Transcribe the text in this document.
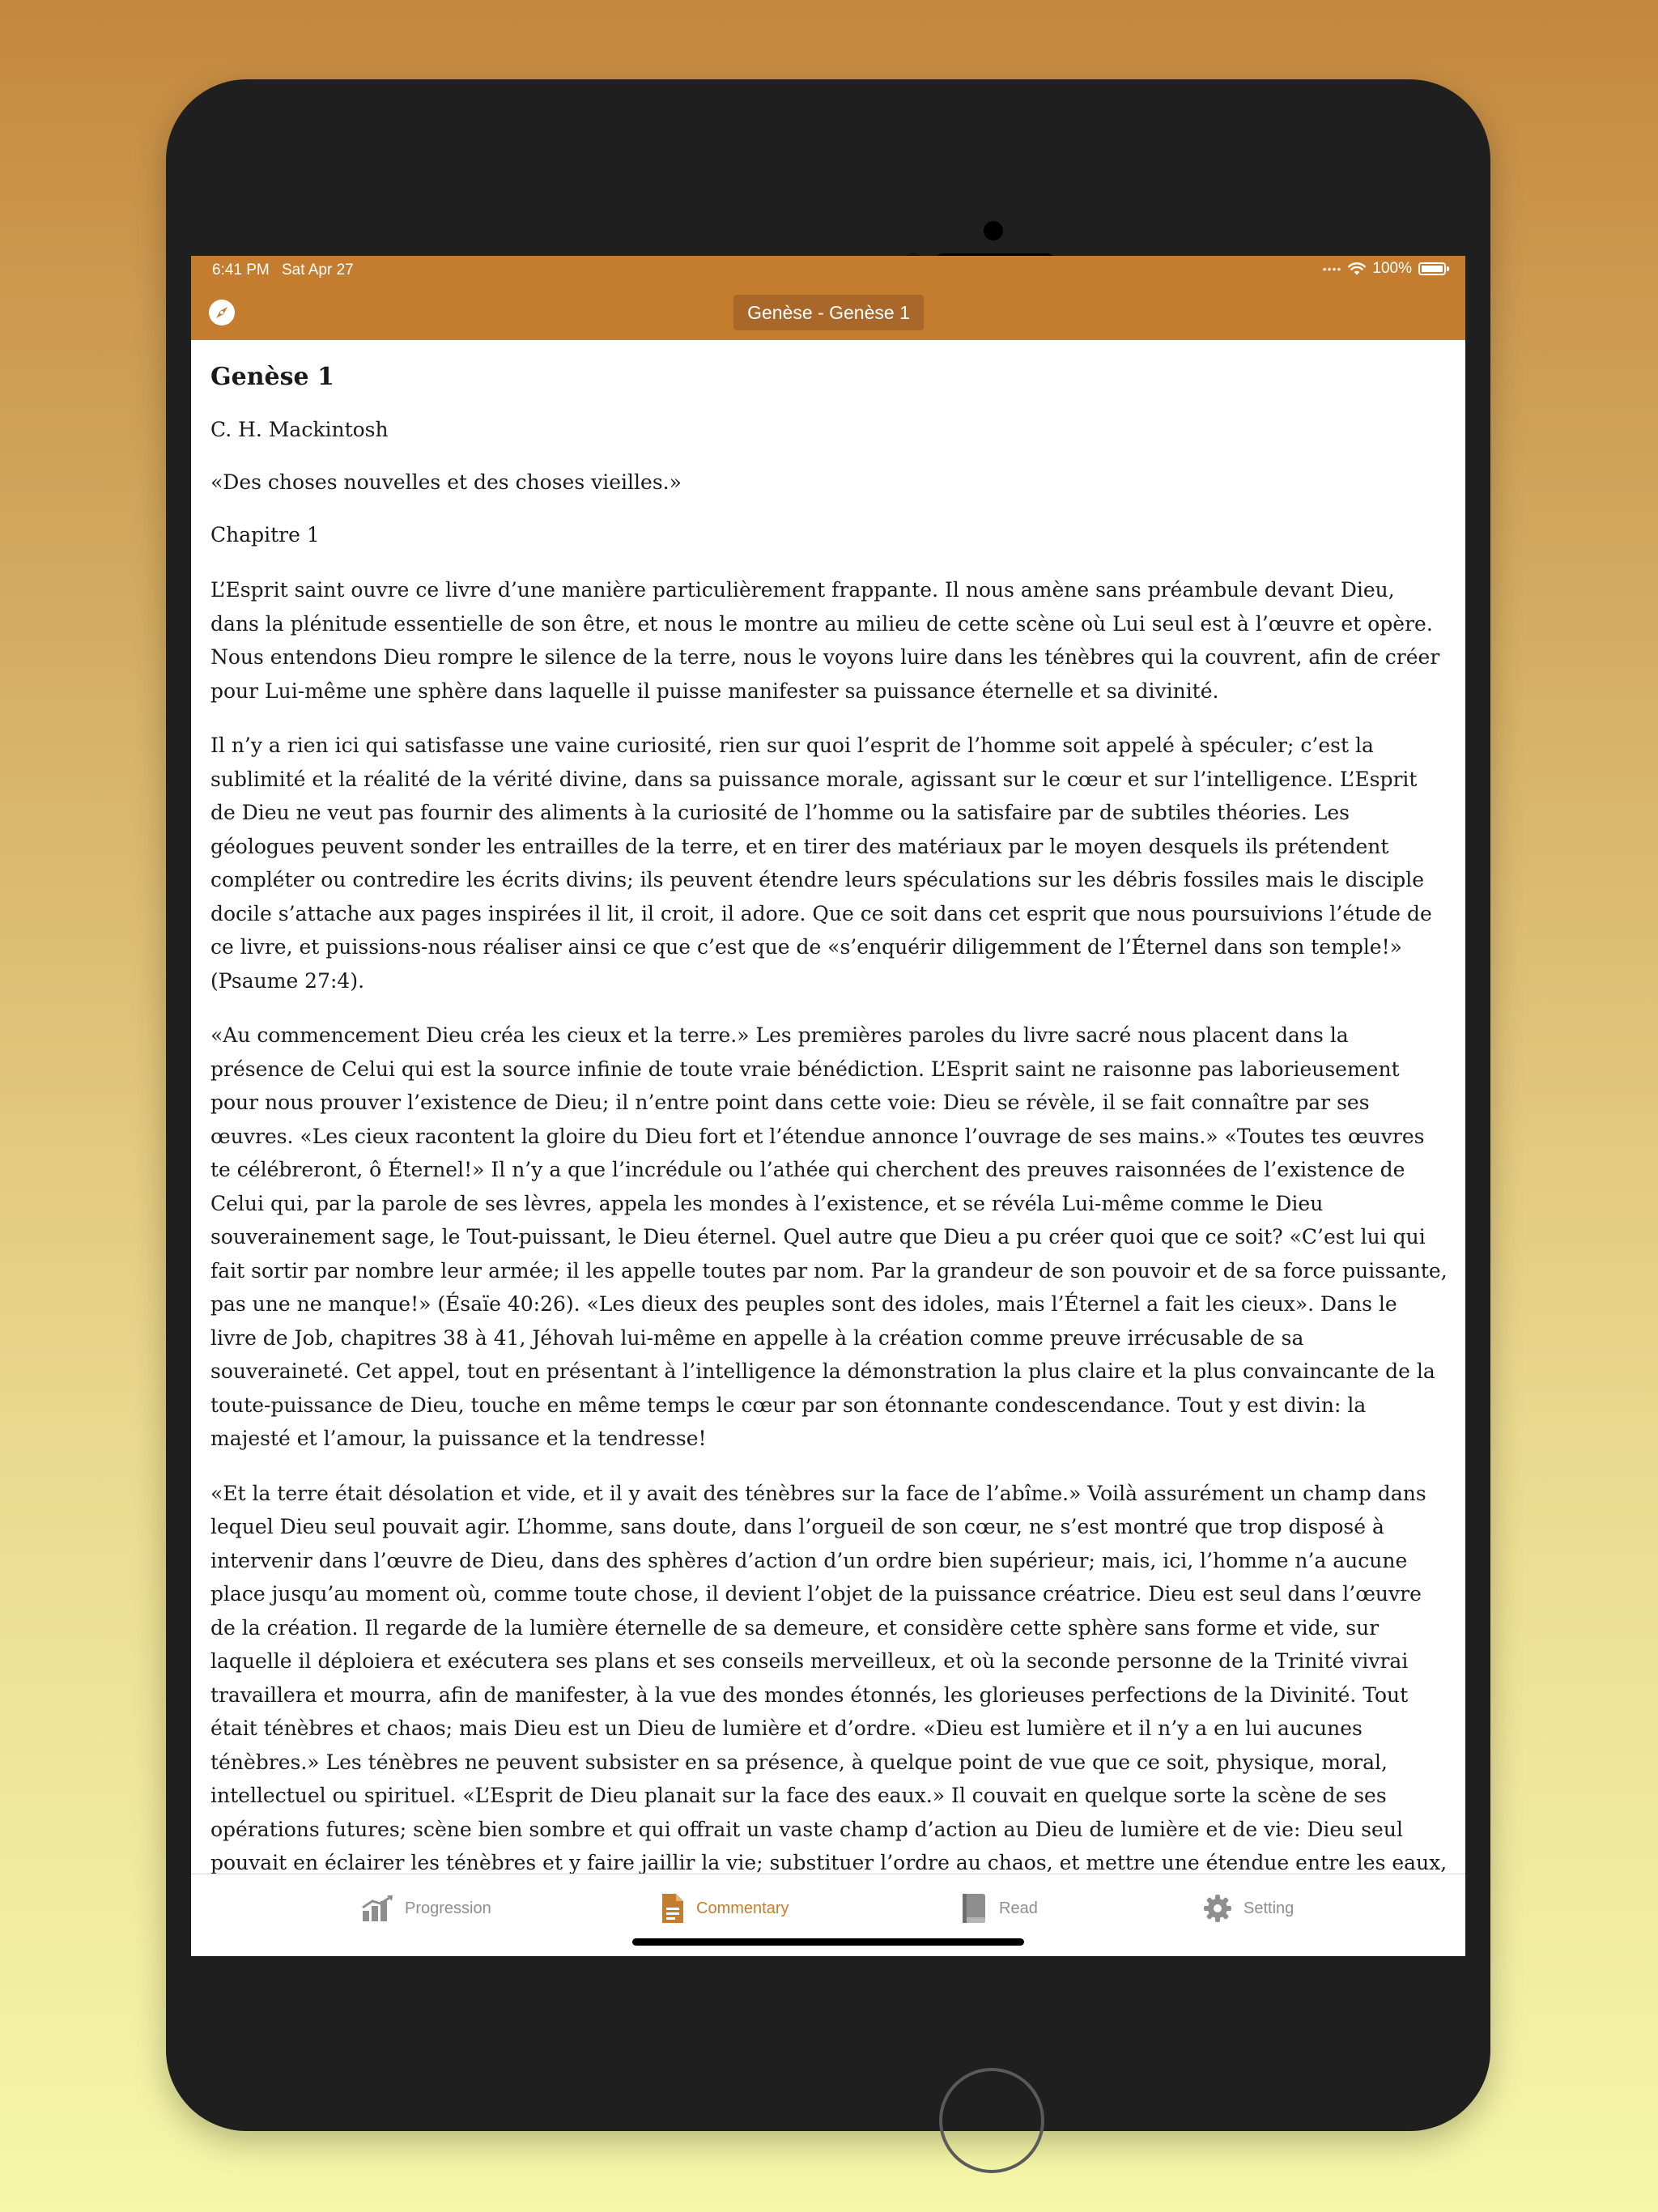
6:41 PM Sat Apr 27	•••• 100%
Genèse - Genèse 1
Genèse 1

C. H. Mackintosh

«Des choses nouvelles et des choses vieilles.»

Chapitre 1

L’Esprit saint ouvre ce livre d’une manière particulièrement frappante. Il nous amène sans préambule devant Dieu, dans la plénitude essentielle de son être, et nous le montre au milieu de cette scène où Lui seul est à l’œuvre et opère. Nous entendons Dieu rompre le silence de la terre, nous le voyons luire dans les ténèbres qui la couvrent, afin de créer pour Lui-même une sphère dans laquelle il puisse manifester sa puissance éternelle et sa divinité.

Il n’y a rien ici qui satisfasse une vaine curiosité, rien sur quoi l’esprit de l’homme soit appelé à spéculer; c’est la sublimité et la réalité de la vérité divine, dans sa puissance morale, agissant sur le cœur et sur l’intelligence. L’Esprit de Dieu ne veut pas fournir des aliments à la curiosité de l’homme ou la satisfaire par de subtiles théories. Les géologues peuvent sonder les entrailles de la terre, et en tirer des matériaux par le moyen desquels ils prétendent compléter ou contredire les écrits divins; ils peuvent étendre leurs spéculations sur les débris fossiles mais le disciple docile s’attache aux pages inspirées il lit, il croit, il adore. Que ce soit dans cet esprit que nous poursuivions l’étude de ce livre, et puissions-nous réaliser ainsi ce que c’est que de «s’enquérir diligemment de l’Éternel dans son temple!» (Psaume 27:4).

«Au commencement Dieu créa les cieux et la terre.» Les premières paroles du livre sacré nous placent dans la présence de Celui qui est la source infinie de toute vraie bénédiction. L’Esprit saint ne raisonne pas laborieusement pour nous prouver l’existence de Dieu; il n’entre point dans cette voie: Dieu se révèle, il se fait connaître par ses œuvres. «Les cieux racontent la gloire du Dieu fort et l’étendue annonce l’ouvrage de ses mains.» «Toutes tes œuvres te célébreront, ô Éternel!» Il n’y a que l’incrédule ou l’athée qui cherchent des preuves raisonnées de l’existence de Celui qui, par la parole de ses lèvres, appela les mondes à l’existence, et se révéla Lui-même comme le Dieu souverainement sage, le Tout-puissant, le Dieu éternel. Quel autre que Dieu a pu créer quoi que ce soit? «C’est lui qui fait sortir par nombre leur armée; il les appelle toutes par nom. Par la grandeur de son pouvoir et de sa force puissante, pas une ne manque!» (Ésaïe 40:26). «Les dieux des peuples sont des idoles, mais l’Éternel a fait les cieux». Dans le livre de Job, chapitres 38 à 41, Jéhovah lui-même en appelle à la création comme preuve irrécusable de sa souveraineté. Cet appel, tout en présentant à l’intelligence la démonstration la plus claire et la plus convaincante de la toute-puissance de Dieu, touche en même temps le cœur par son étonnante condescendance. Tout y est divin: la majesté et l’amour, la puissance et la tendresse!

«Et la terre était désolation et vide, et il y avait des ténèbres sur la face de l’abîme.» Voilà assurément un champ dans lequel Dieu seul pouvait agir. L’homme, sans doute, dans l’orgueil de son cœur, ne s’est montré que trop disposé à intervenir dans l’œuvre de Dieu, dans des sphères d’action d’un ordre bien supérieur; mais, ici, l’homme n’a aucune place jusqu’au moment où, comme toute chose, il devient l’objet de la puissance créatrice. Dieu est seul dans l’œuvre de la création. Il regarde de la lumière éternelle de sa demeure, et considère cette sphère sans forme et vide, sur laquelle il déploiera et exécutera ses plans et ses conseils merveilleux, et où la seconde personne de la Trinité vivrai travaillera et mourra, afin de manifester, à la vue des mondes étonnés, les glorieuses perfections de la Divinité. Tout était ténèbres et chaos; mais Dieu est un Dieu de lumière et d’ordre. «Dieu est lumière et il n’y a en lui aucunes ténèbres.» Les ténèbres ne peuvent subsister en sa présence, à quelque point de vue que ce soit, physique, moral, intellectuel ou spirituel. «L’Esprit de Dieu planait sur la face des eaux.» Il couvait en quelque sorte la scène de ses opérations futures; scène bien sombre et qui offrait un vaste champ d’action au Dieu de lumière et de vie: Dieu seul pouvait en éclairer les ténèbres et y faire jaillir la vie; substituer l’ordre au chaos, et mettre une étendue entre les eaux,

Progression	Commentary	Read	Setting
